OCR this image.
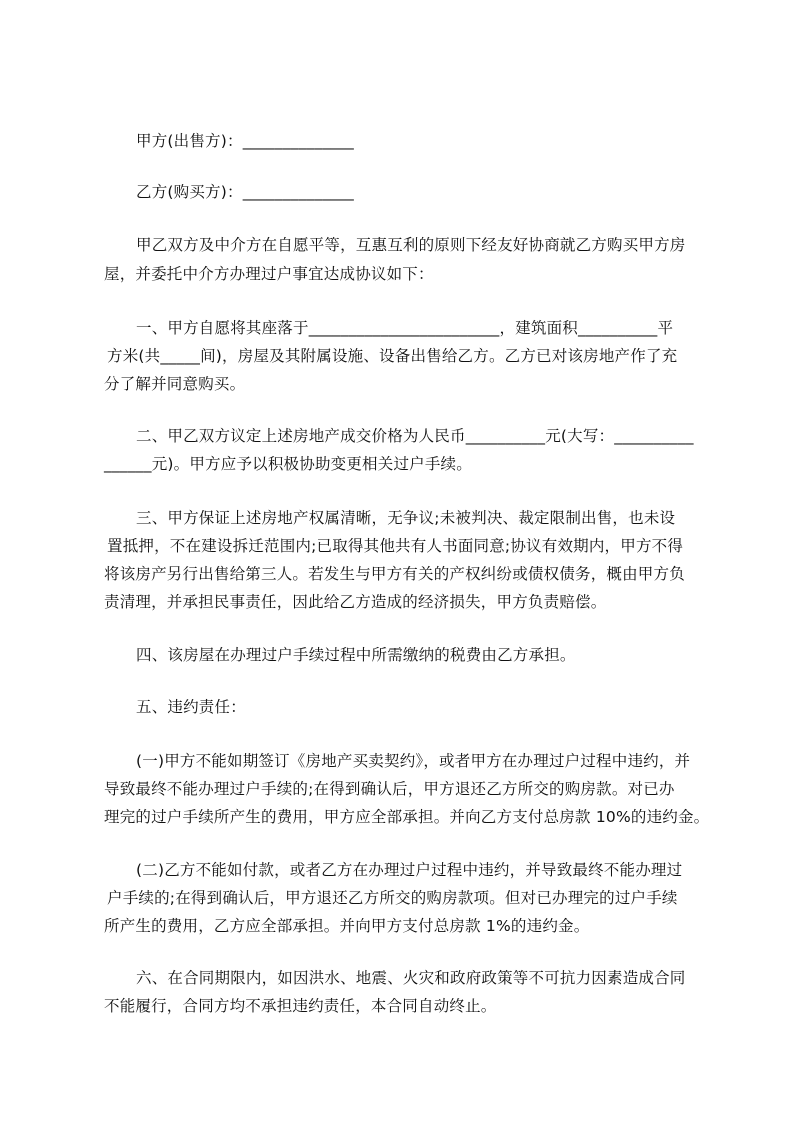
甲方(出售方)：______________
乙方(购买方)：______________
甲乙双方及中介方在自愿平等，互惠互利的原则下经友好协商就乙方购买甲方房
屋，并委托中介方办理过户事宜达成协议如下：
一、甲方自愿将其座落于________________________，建筑面积__________平
方米(共_____间)，房屋及其附属设施、设备出售给乙方。乙方已对该房地产作了充
分了解并同意购买。
二、甲乙双方议定上述房地产成交价格为人民币__________元(大写：__________
______元)。甲方应予以积极协助变更相关过户手续。
三、甲方保证上述房地产权属清晰，无争议;未被判决、裁定限制出售，也未设
置抵押，不在建设拆迁范围内;已取得其他共有人书面同意;协议有效期内，甲方不得
将该房产另行出售给第三人。若发生与甲方有关的产权纠纷或债权债务，概由甲方负
责清理，并承担民事责任，因此给乙方造成的经济损失，甲方负责赔偿。
四、该房屋在办理过户手续过程中所需缴纳的税费由乙方承担。
五、违约责任：
(一)甲方不能如期签订《房地产买卖契约》，或者甲方在办理过户过程中违约，并
导致最终不能办理过户手续的;在得到确认后，甲方退还乙方所交的购房款。对已办
理完的过户手续所产生的费用，甲方应全部承担。并向乙方支付总房款 10%的违约金。
(二)乙方不能如付款，或者乙方在办理过户过程中违约，并导致最终不能办理过
户手续的;在得到确认后，甲方退还乙方所交的购房款项。但对已办理完的过户手续
所产生的费用，乙方应全部承担。并向甲方支付总房款 1%的违约金。
六、在合同期限内，如因洪水、地震、火灾和政府政策等不可抗力因素造成合同
不能履行，合同方均不承担违约责任，本合同自动终止。
